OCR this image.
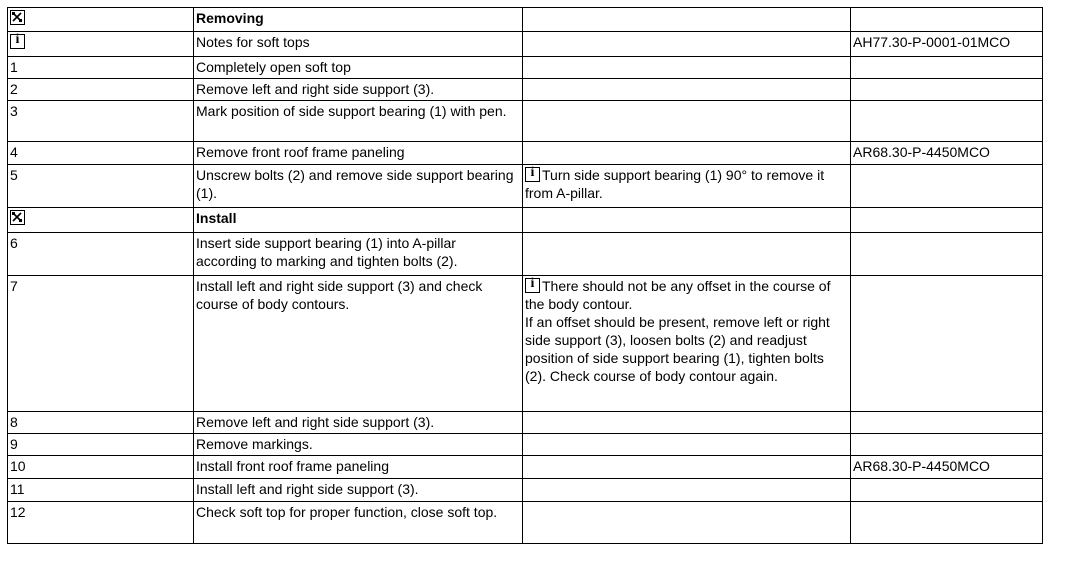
	Removing		
i	Notes for soft tops		AH77.30-P-0001-01MCO
1	Completely open soft top		
2	Remove left and right side support (3).		
3	Mark position of side support bearing (1) with pen.		
4	Remove front roof frame paneling		AR68.30-P-4450MCO
5	Unscrew bolts (2) and remove side support bearing (1).	iTurn side support bearing (1) 90° to remove it from A-pillar.	

	Install		
6	Insert side support bearing (1) into A-pillar according to marking and tighten bolts (2).		
7	Install left and right side support (3) and check course of body contours.	iThere should not be any offset in the course of the body contour.
If an offset should be present, remove left or right side support (3), loosen bolts (2) and readjust position of side support bearing (1), tighten bolts (2). Check course of body contour again.

8	Remove left and right side support (3).		
9	Remove markings.		
10	Install front roof frame paneling		AR68.30-P-4450MCO
11	Install left and right side support (3).		
12	Check soft top for proper function, close soft top.		
